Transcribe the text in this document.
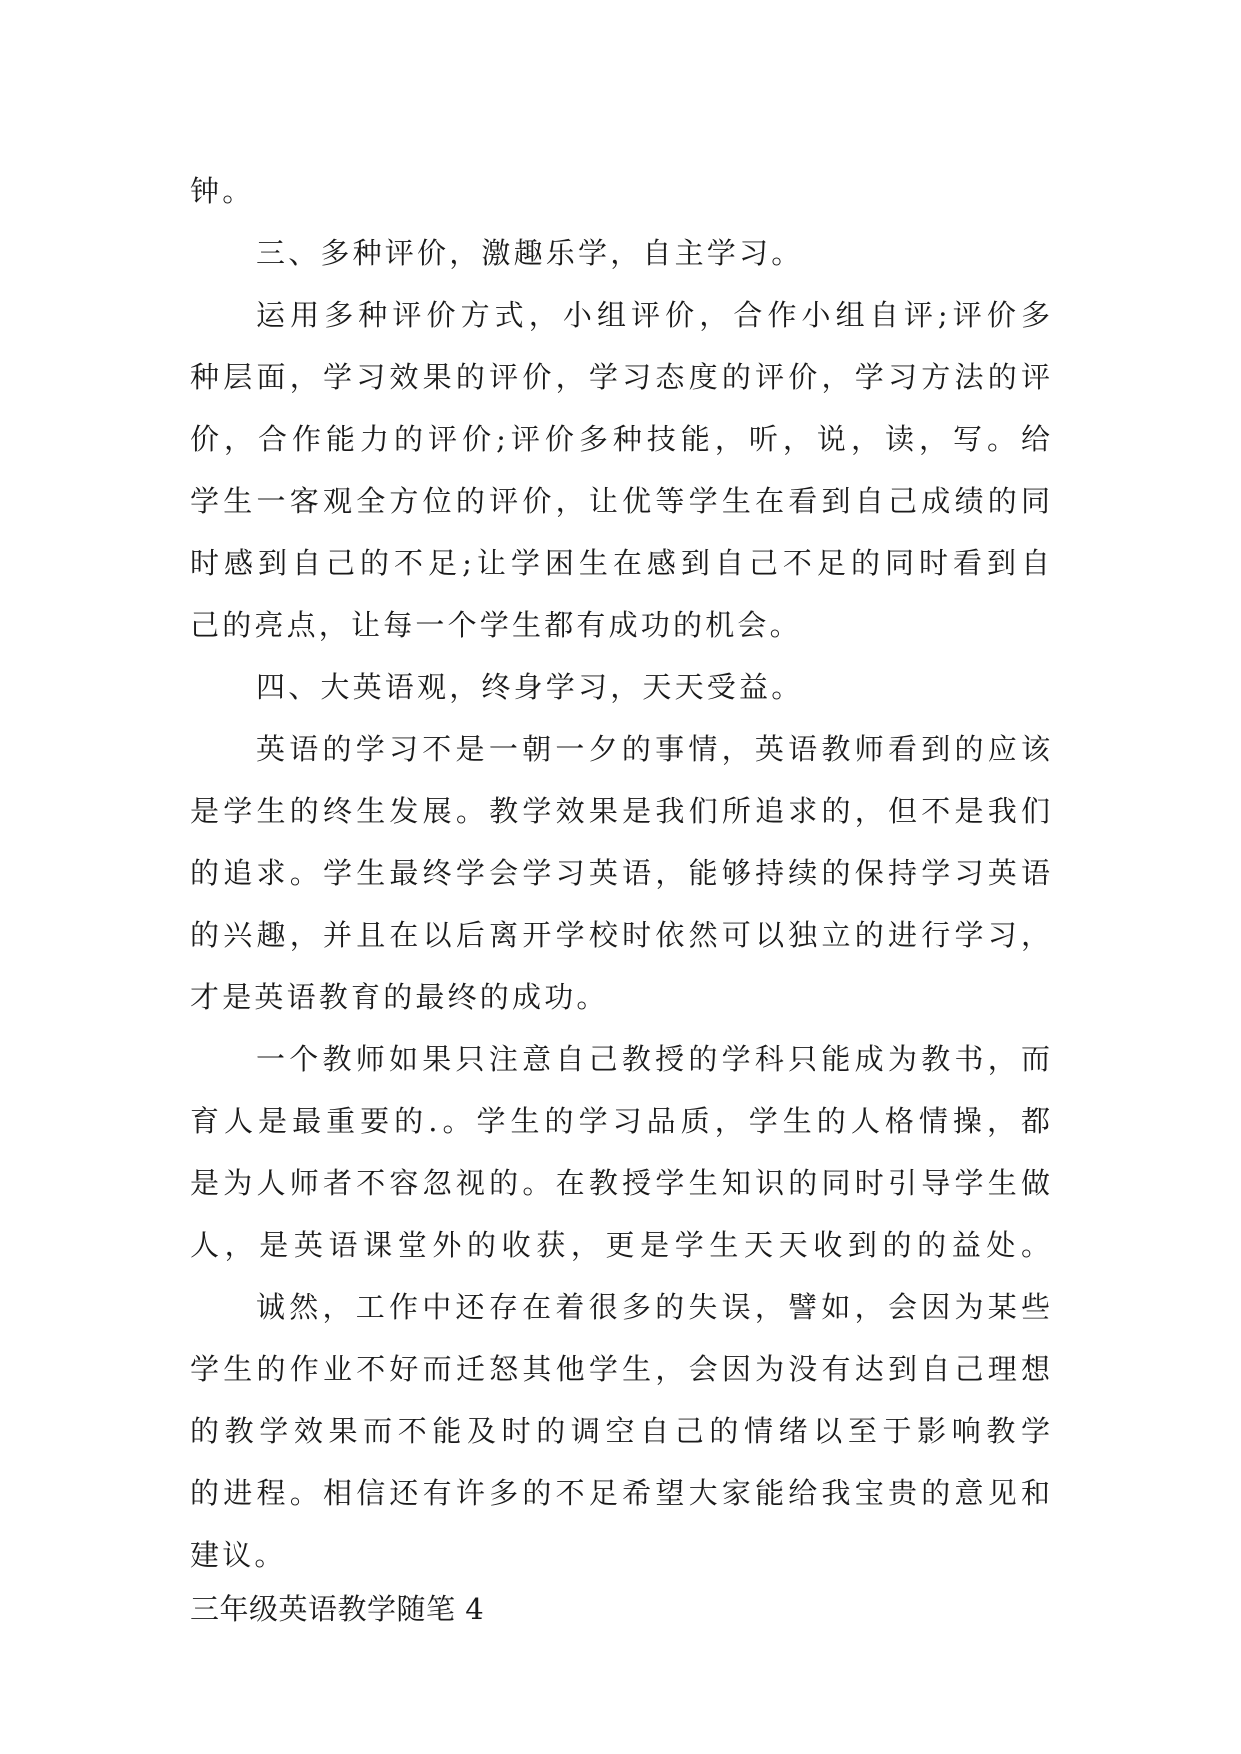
钟。
三、多种评价，激趣乐学，自主学习。
运用多种评价方式，小组评价，合作小组自评;评价多
种层面，学习效果的评价，学习态度的评价，学习方法的评
价，合作能力的评价;评价多种技能，听，说，读，写。给
学生一客观全方位的评价，让优等学生在看到自己成绩的同
时感到自己的不足;让学困生在感到自己不足的同时看到自
己的亮点，让每一个学生都有成功的机会。
四、大英语观，终身学习，天天受益。
英语的学习不是一朝一夕的事情，英语教师看到的应该
是学生的终生发展。教学效果是我们所追求的，但不是我们
的追求。学生最终学会学习英语，能够持续的保持学习英语
的兴趣，并且在以后离开学校时依然可以独立的进行学习，
才是英语教育的最终的成功。
一个教师如果只注意自己教授的学科只能成为教书，而
育人是最重要的.。学生的学习品质，学生的人格情操，都
是为人师者不容忽视的。在教授学生知识的同时引导学生做
人，是英语课堂外的收获，更是学生天天收到的的益处。
诚然，工作中还存在着很多的失误，譬如，会因为某些
学生的作业不好而迁怒其他学生，会因为没有达到自己理想
的教学效果而不能及时的调空自己的情绪以至于影响教学
的进程。相信还有许多的不足希望大家能给我宝贵的意见和
建议。
三年级英语教学随笔 4
